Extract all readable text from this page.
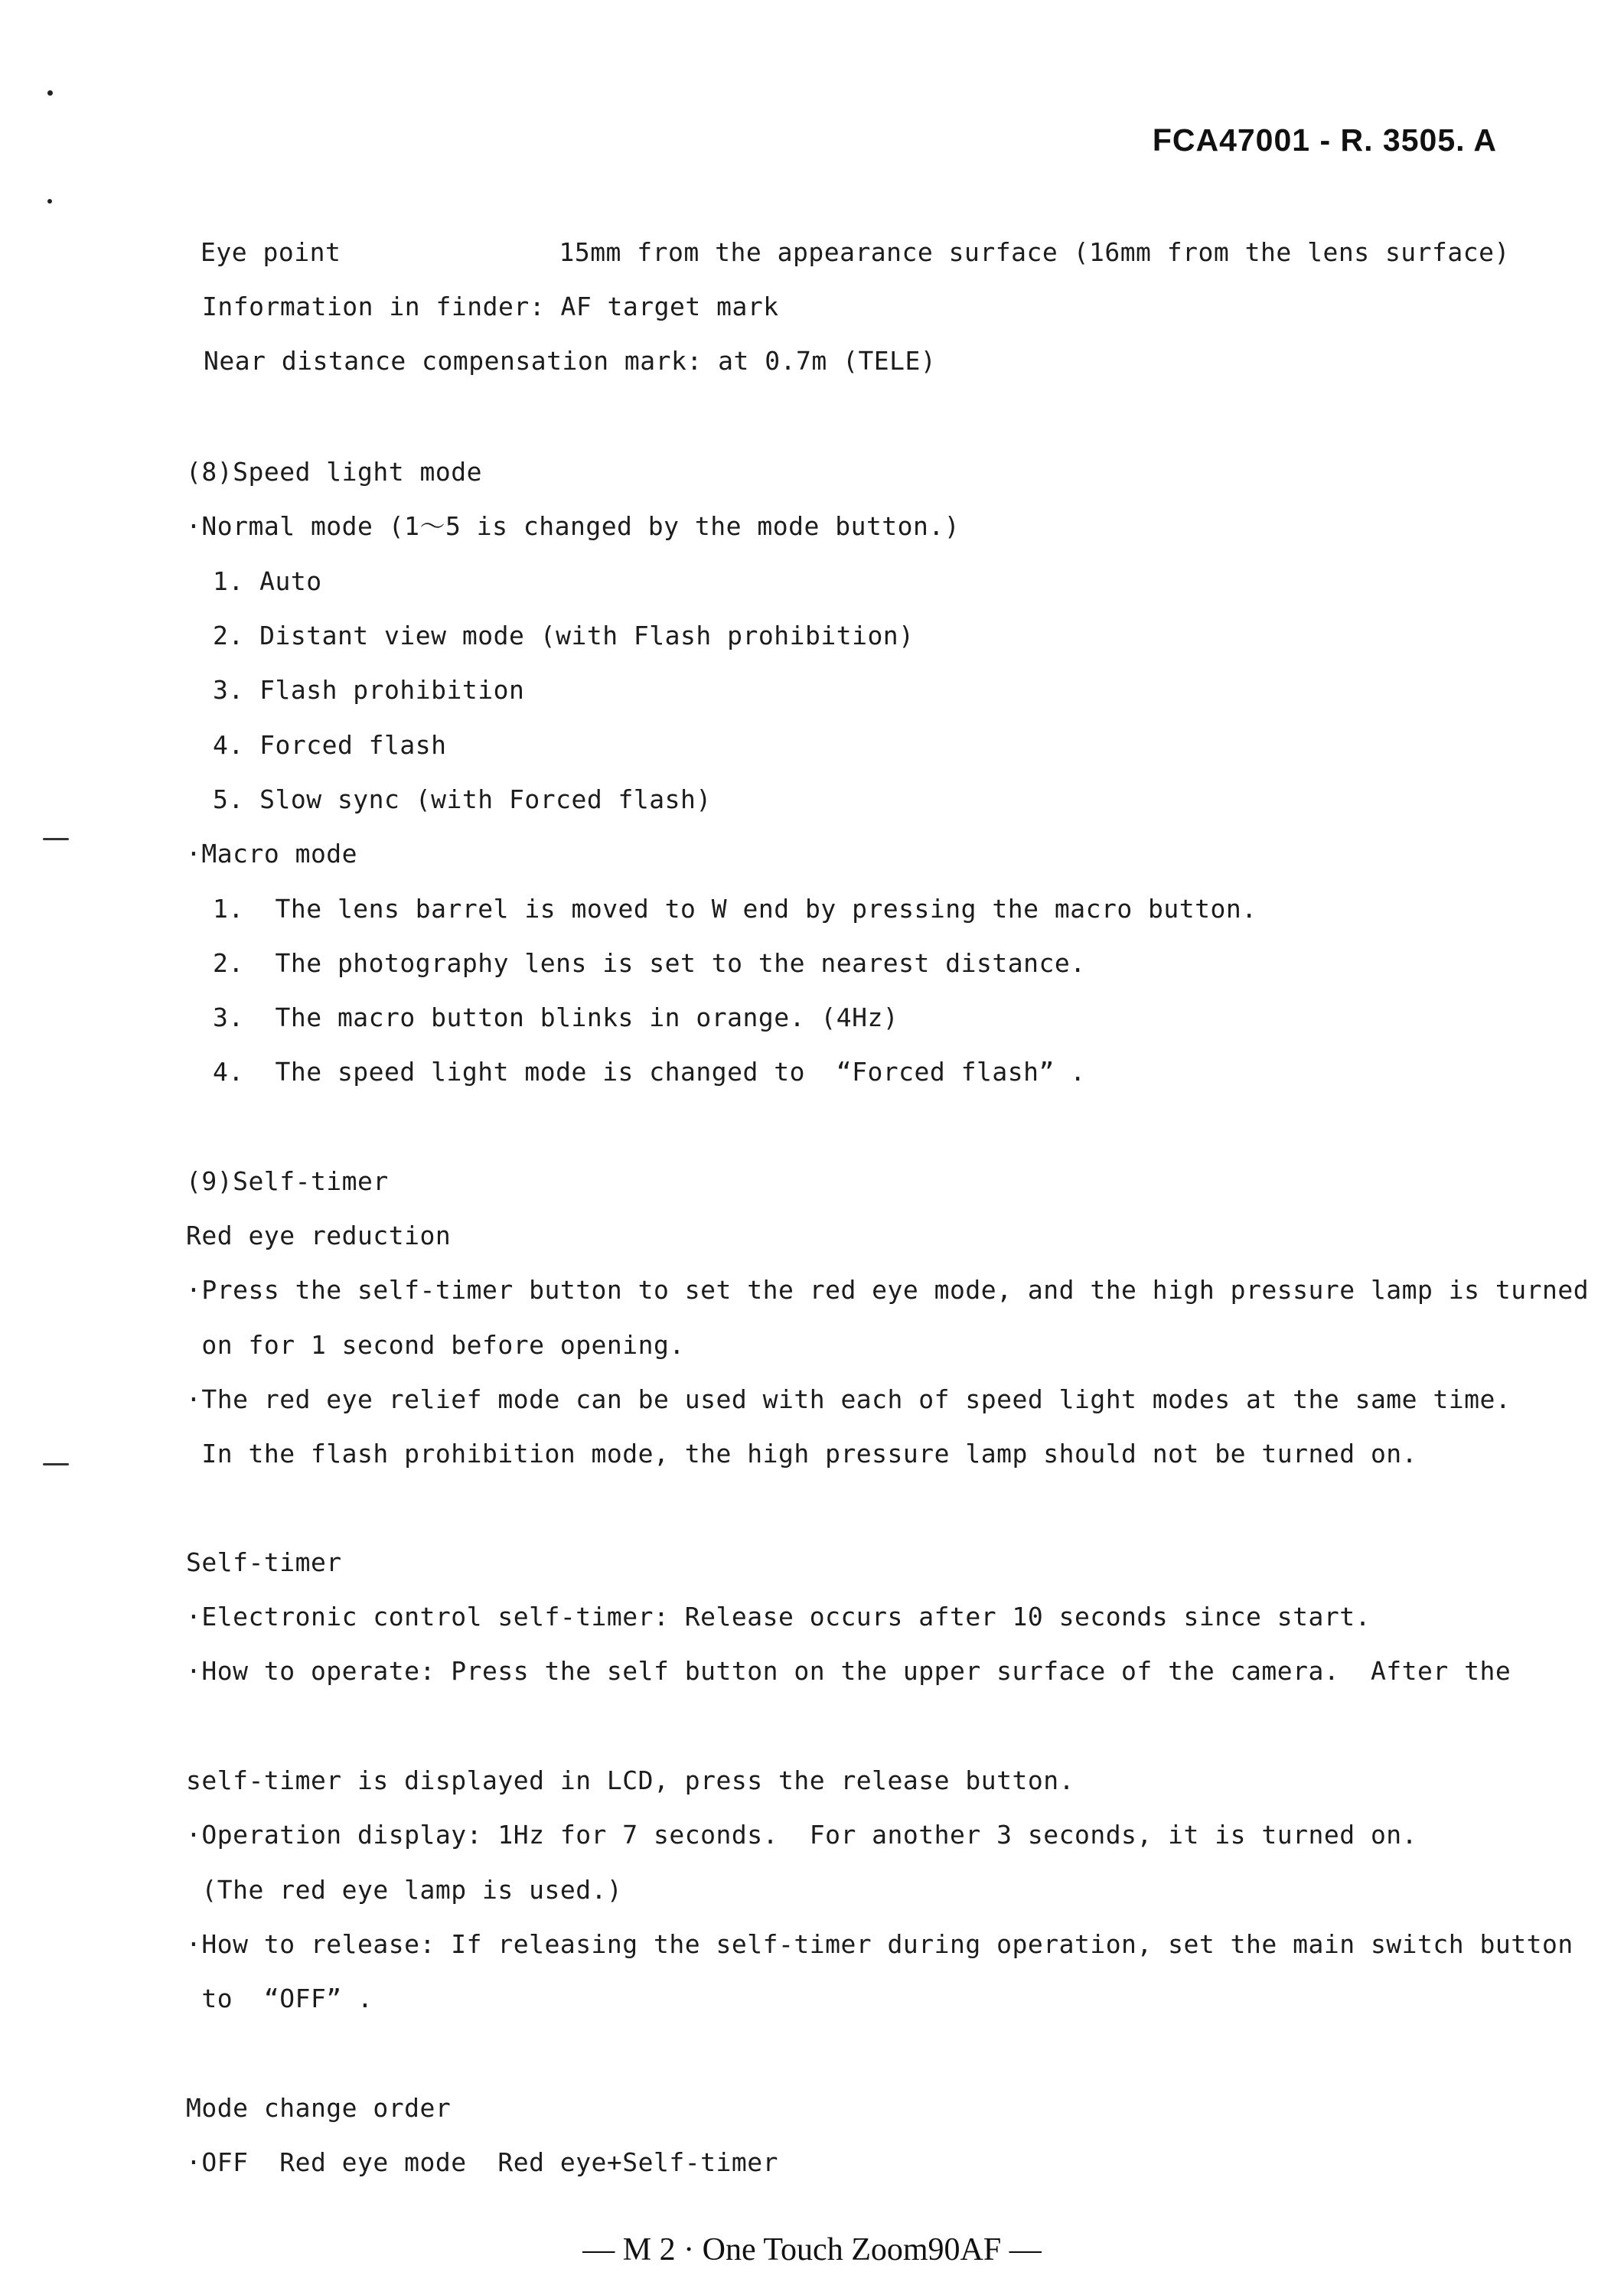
FCA47001 - R. 3505. A
Eye point              15mm from the appearance surface (16mm from the lens surface)
Information in finder: AF target mark
Near distance compensation mark: at 0.7m (TELE)
(8)Speed light mode
·Normal mode (1～5 is changed by the mode button.)
1. Auto
2. Distant view mode (with Flash prohibition)
3. Flash prohibition
4. Forced flash
5. Slow sync (with Forced flash)
·Macro mode
1.  The lens barrel is moved to W end by pressing the macro button.
2.  The photography lens is set to the nearest distance.
3.  The macro button blinks in orange. (4Hz)
4.  The speed light mode is changed to  “Forced flash” .
(9)Self-timer
Red eye reduction
·Press the self-timer button to set the red eye mode, and the high pressure lamp is turned
on for 1 second before opening.
·The red eye relief mode can be used with each of speed light modes at the same time.
In the flash prohibition mode, the high pressure lamp should not be turned on.
Self-timer
·Electronic control self-timer: Release occurs after 10 seconds since start.
·How to operate: Press the self button on the upper surface of the camera.  After the
self-timer is displayed in LCD, press the release button.
·Operation display: 1Hz for 7 seconds.  For another 3 seconds, it is turned on.
(The red eye lamp is used.)
·How to release: If releasing the self-timer during operation, set the main switch button
to  “OFF” .
Mode change order
·OFF  Red eye mode  Red eye+Self-timer
— M 2 · One Touch Zoom90AF —
